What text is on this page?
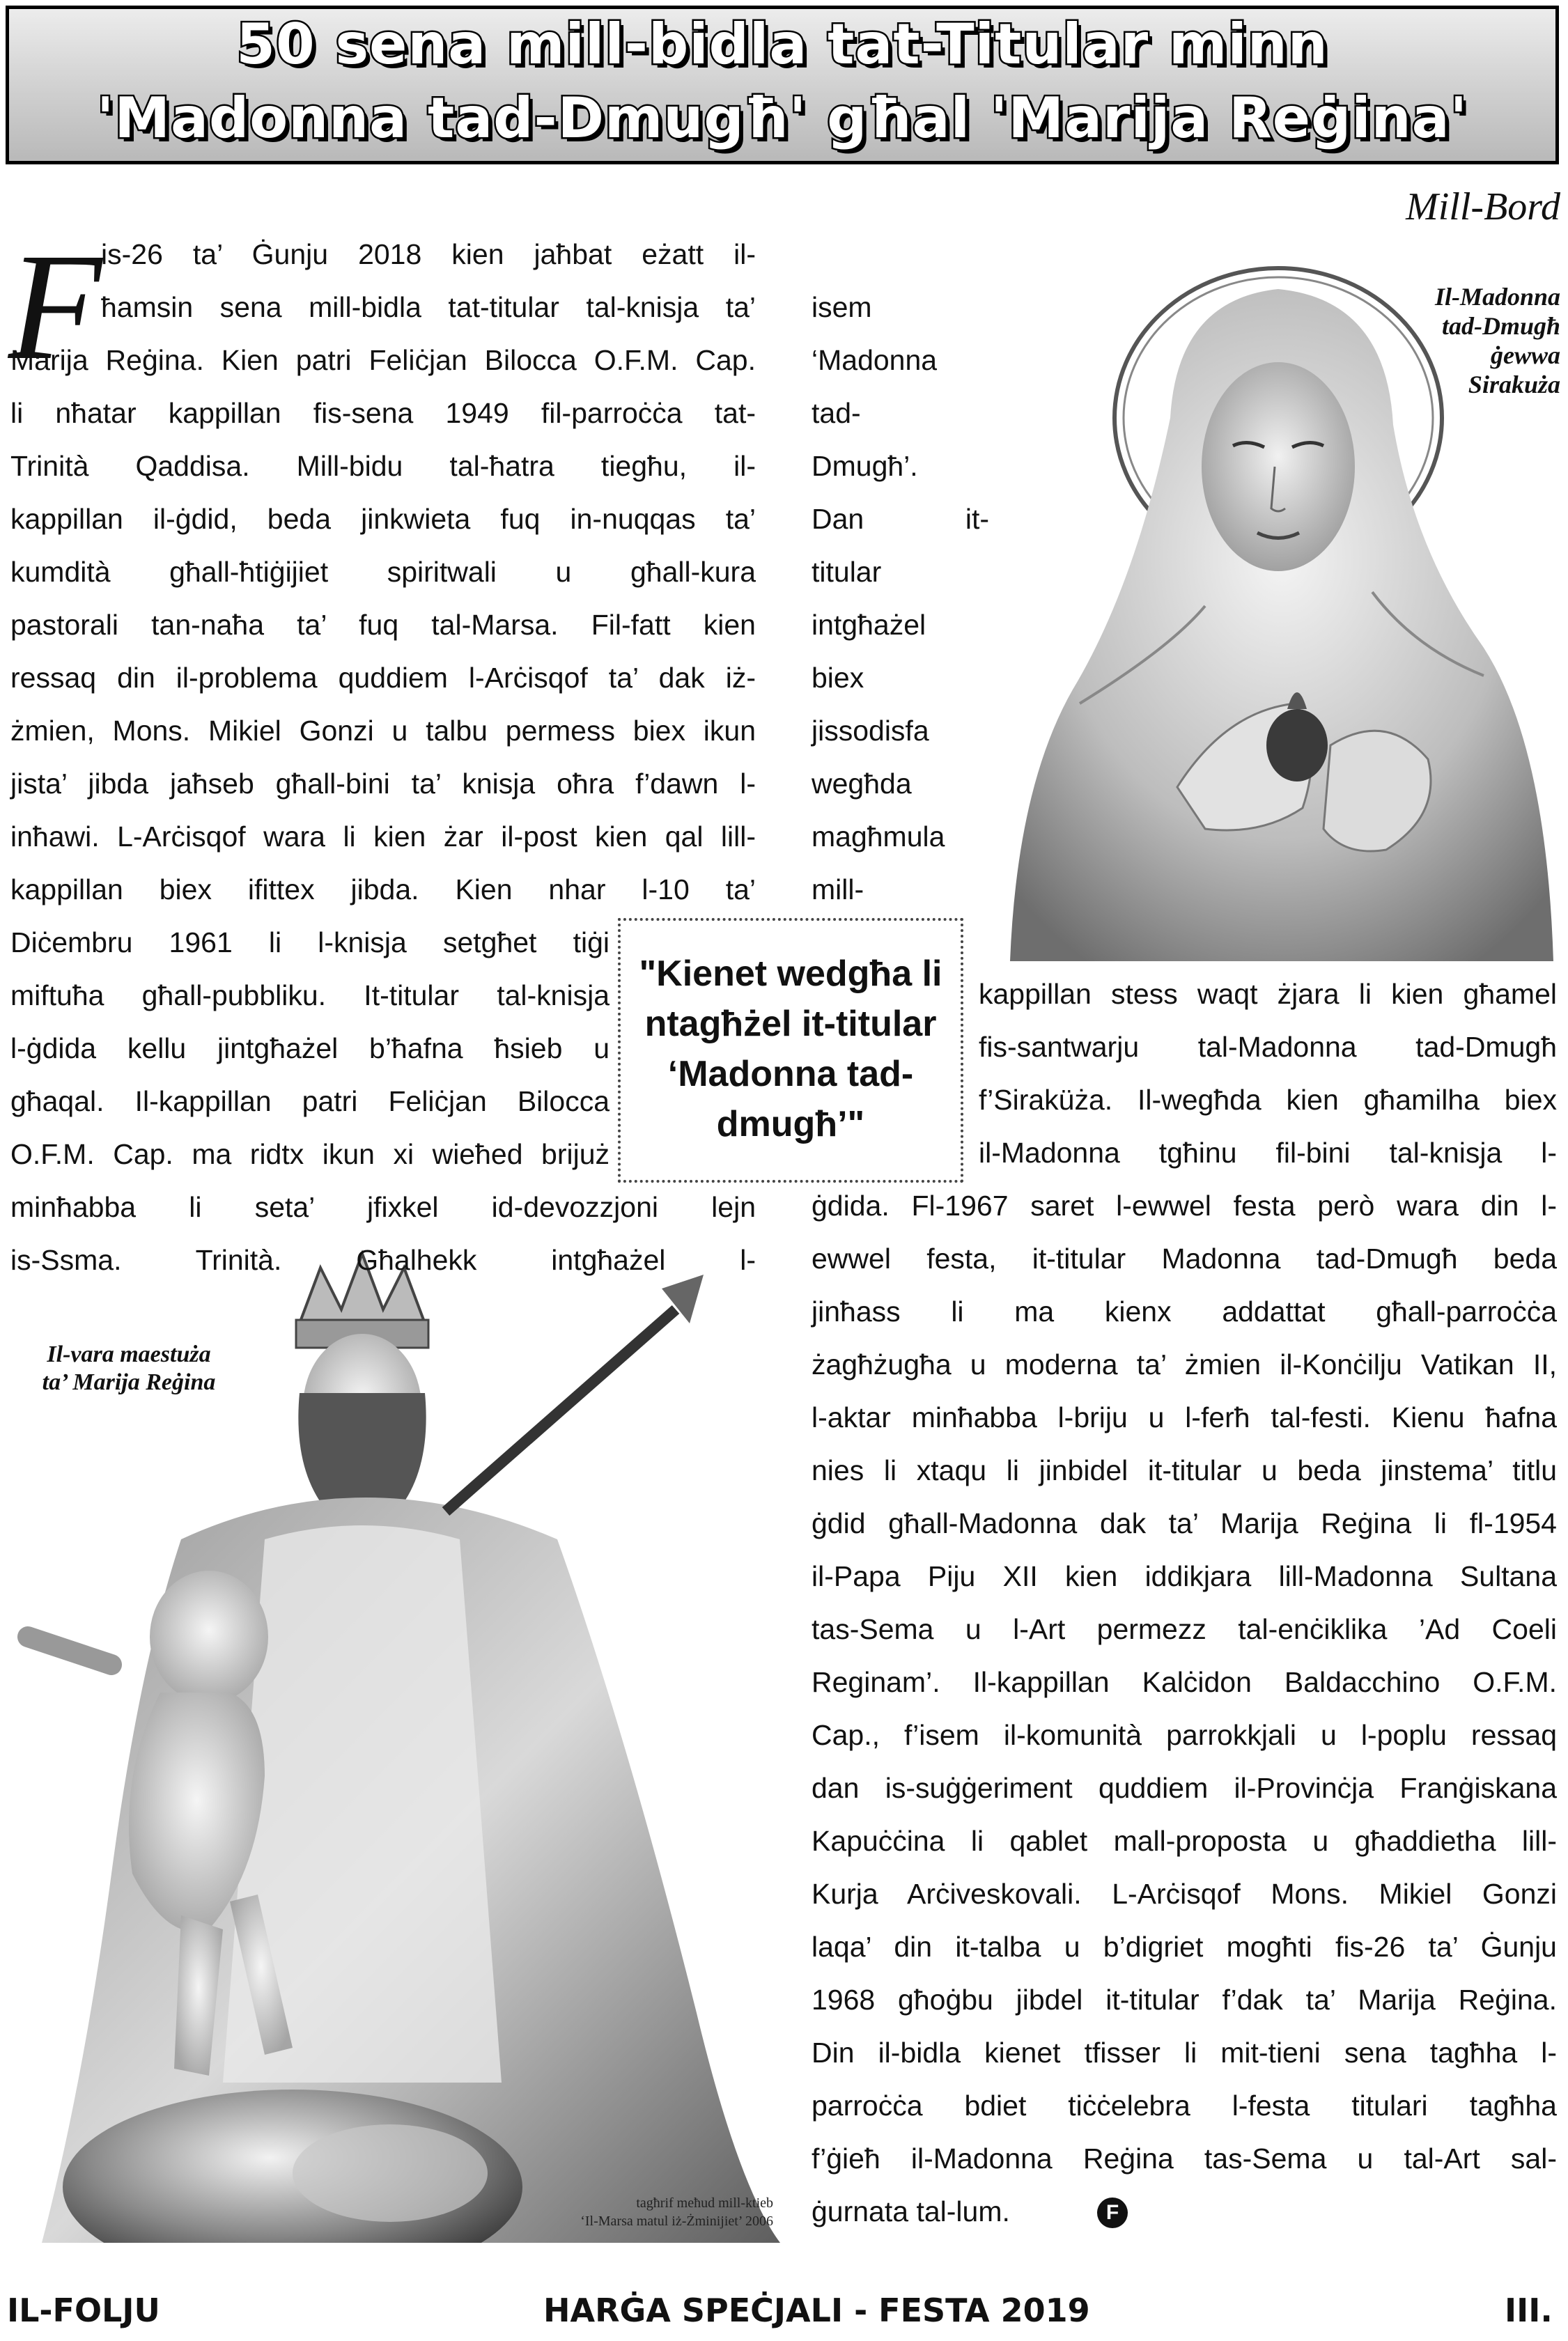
50 sena mill-bidla tat-Titular minn
'Madonna tad-Dmugħ' għal 'Marija Reġina'
Mill-Bord
Il-Madonna
tad-Dmugħ
ġewwa
Sirakuża
Il-vara maestuża
ta’ Marija Reġina
tagħrif meħud mill-ktieb
‘Il-Marsa matul iż-Żminijiet’ 2006
F
is-26 ta’ Ġunju 2018 kien jaħbat eżatt il-
ħamsin sena mill-bidla tat-titular tal-knisja ta’
Marija Reġina. Kien patri Feliċjan Bilocca O.F.M. Cap.
li nħatar kappillan fis-sena 1949 fil-parroċċa tat-
Trinità Qaddisa. Mill-bidu tal-ħatra tiegħu, il-
kappillan il-ġdid, beda jinkwieta fuq in-nuqqas ta’
kumdità għall-ħtiġijiet spiritwali u għall-kura
pastorali tan-naħa ta’ fuq tal-Marsa. Fil-fatt kien
ressaq din il-problema quddiem l-Arċisqof ta’ dak iż-
żmien, Mons. Mikiel Gonzi u talbu permess biex ikun
jista’ jibda jaħseb għall-bini ta’ knisja oħra f’dawn l-
inħawi. L-Arċisqof wara li kien żar il-post kien qal lill-
kappillan biex ifittex jibda. Kien nhar l-10 ta’
Diċembru 1961 li l-knisja setgħet tiġi
miftuħa għall-pubbliku. It-titular tal-knisja
l-ġdida kellu jintgħażel b’ħafna ħsieb u
għaqal. Il-kappillan patri Feliċjan Bilocca
O.F.M. Cap. ma ridtx ikun xi wieħed brijuż
minħabba li seta’ jfixkel id-devozzjoni lejn
is-Ssma. Trinità. Għalhekk intgħażel l-
isem
‘Madonna
tad-
Dmugħ’.
Dan it-
titular
intgħażel
biex
jissodisfa
wegħda
magħmula
mill-
kappillan stess waqt żjara li kien għamel
fis-santwarju tal-Madonna tad-Dmugħ
f’Siraküża. Il-wegħda kien għamilha biex
il-Madonna tgħinu fil-bini tal-knisja l-
ġdida. Fl-1967 saret l-ewwel festa però wara din l-
ewwel festa, it-titular Madonna tad-Dmugħ beda
jinħass li ma kienx addattat għall-parroċċa
żagħżugħa u moderna ta’ żmien il-Konċilju Vatikan II,
l-aktar minħabba l-briju u l-ferħ tal-festi. Kienu ħafna
nies li xtaqu li jinbidel it-titular u beda jinstema’ titlu
ġdid għall-Madonna dak ta’ Marija Reġina li fl-1954
il-Papa Piju XII kien iddikjara lill-Madonna Sultana
tas-Sema u l-Art permezz tal-enċiklika ’Ad Coeli
Reginam’. Il-kappillan Kalċidon Baldacchino O.F.M.
Cap., f’isem il-komunità parrokkjali u l-poplu ressaq
dan is-suġġeriment quddiem il-Provinċja Franġiskana
Kapuċċina li qablet mall-proposta u għaddietha lill-
Kurja Arċiveskovali. L-Arċisqof Mons. Mikiel Gonzi
laqa’ din it-talba u b’digriet mogħti fis-26 ta’ Ġunju
1968 għoġbu jibdel it-titular f’dak ta’ Marija Reġina.
Din il-bidla kienet tfisser li mit-tieni sena tagħha l-
parroċċa bdiet tiċċelebra l-festa titulari tagħha
f’ġieħ il-Madonna Reġina tas-Sema u tal-Art sal-
ġurnata tal-lum.
"Kienet wedgħa li
ntagħżel it-titular
‘Madonna tad-
dmugħ’"
F
IL-FOLJU	HARĠA SPEĊJALI - FESTA 2019	III.
